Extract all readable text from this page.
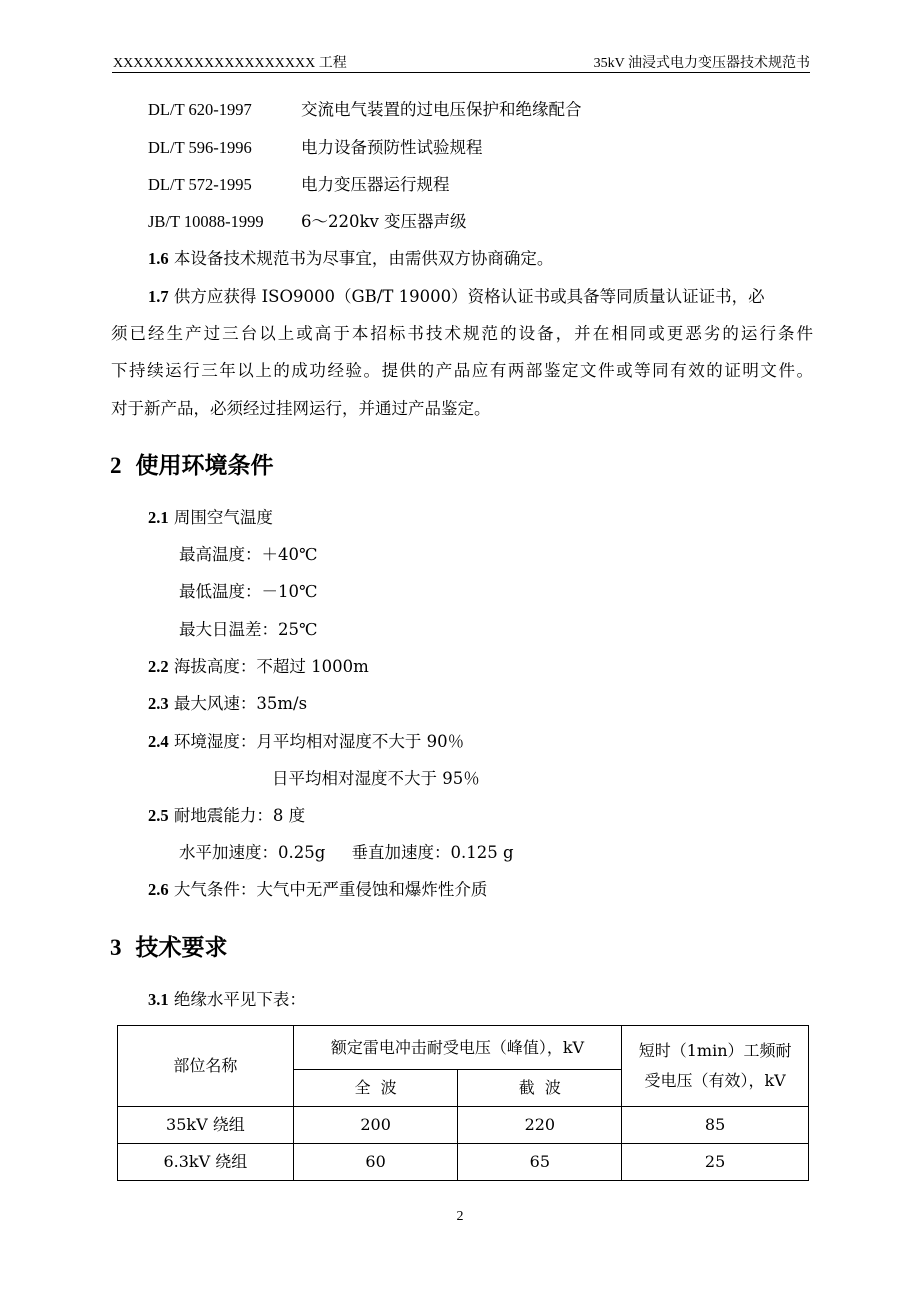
XXXXXXXXXXXXXXXXXXXX 工程	35kV 油浸式电力变压器技术规范书
DL/T 620-1997	交流电气装置的过电压保护和绝缘配合
DL/T 596-1996	电力设备预防性试验规程
DL/T 572-1995	电力变压器运行规程
JB/T 10088-1999 6～220kv 变压器声级
1.6 本设备技术规范书为尽事宜，由需供双方协商确定。
1.7 供方应获得 ISO9000（GB/T 19000）资格认证书或具备等同质量认证证书，必
须已经生产过三台以上或高于本招标书技术规范的设备，并在相同或更恶劣的运行条件
下持续运行三年以上的成功经验。提供的产品应有两部鉴定文件或等同有效的证明文件。
对于新产品，必须经过挂网运行，并通过产品鉴定。
2 使用环境条件
2.1 周围空气温度
最高温度：＋40℃
最低温度：－10℃
最大日温差：25℃
2.2 海拔高度：不超过 1000m
2.3 最大风速：35m/s
2.4 环境湿度：月平均相对湿度不大于 90％
日平均相对湿度不大于 95％
2.5 耐地震能力：8 度
水平加速度：0.25g     垂直加速度：0.125 g
2.6 大气条件：大气中无严重侵蚀和爆炸性介质
3 技术要求
3.1 绝缘水平见下表：
部位名称	额定雷电冲击耐受电压（峰值），kV		短时（1min）工频耐
受电压（有效），kV

	全  波	截  波	
35kV 绕组	200	220	85
6.3kV 绕组	60	65	25
2
